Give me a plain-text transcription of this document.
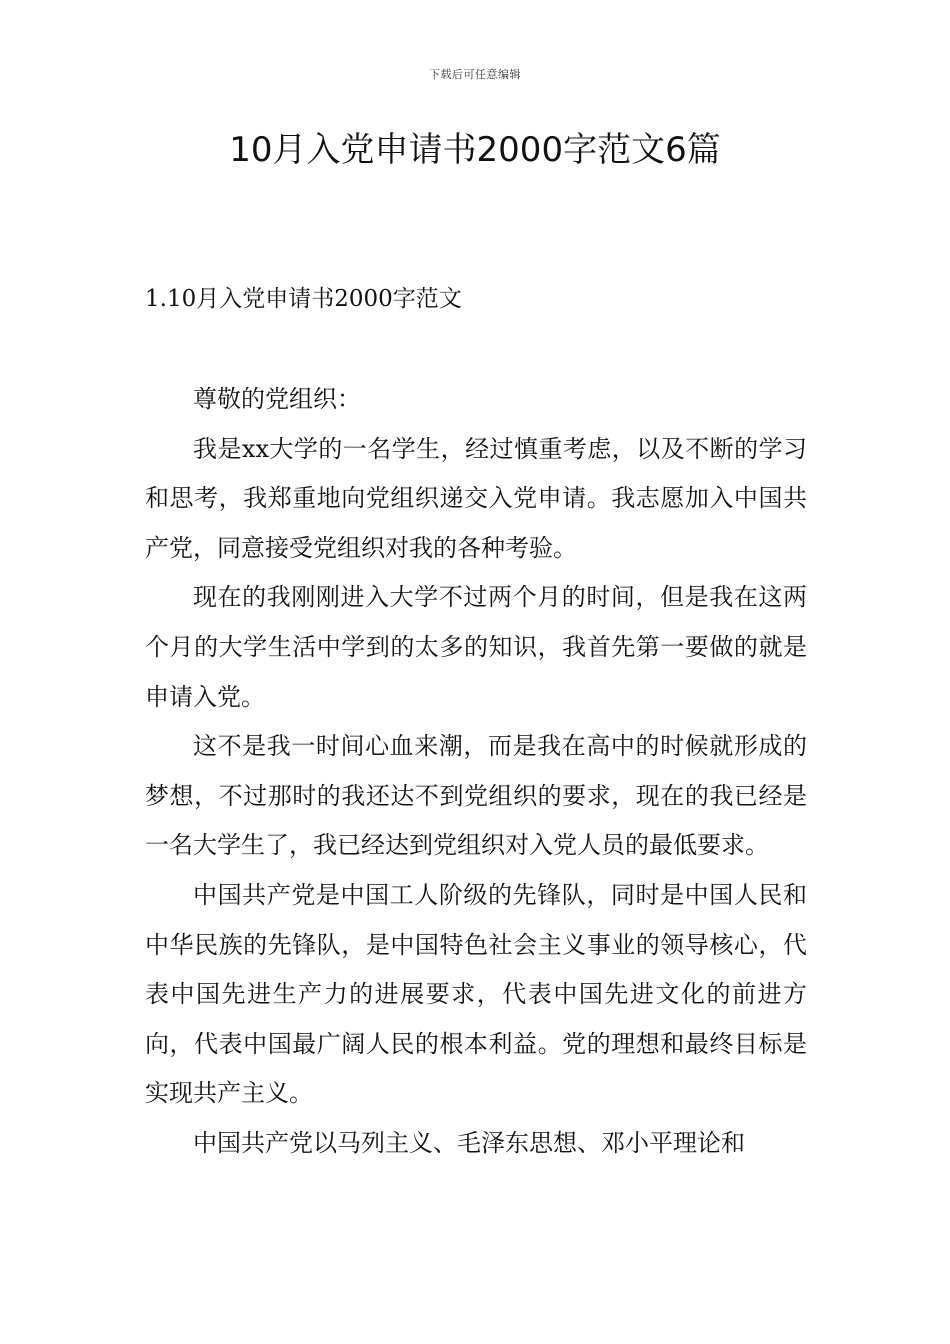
下载后可任意编辑
10月入党申请书2000字范文6篇
1.10月入党申请书2000字范文

尊敬的党组织：

我是xx大学的一名学生，经过慎重考虑，以及不断的学习和思考，我郑重地向党组织递交入党申请。我志愿加入中国共产党，同意接受党组织对我的各种考验。

现在的我刚刚进入大学不过两个月的时间，但是我在这两个月的大学生活中学到的太多的知识，我首先第一要做的就是申请入党。

这不是我一时间心血来潮，而是我在高中的时候就形成的梦想，不过那时的我还达不到党组织的要求，现在的我已经是一名大学生了，我已经达到党组织对入党人员的最低要求。

中国共产党是中国工人阶级的先锋队，同时是中国人民和中华民族的先锋队，是中国特色社会主义事业的领导核心，代表中国先进生产力的进展要求，代表中国先进文化的前进方向，代表中国最广阔人民的根本利益。党的理想和最终目标是实现共产主义。

中国共产党以马列主义、毛泽东思想、邓小平理论和
